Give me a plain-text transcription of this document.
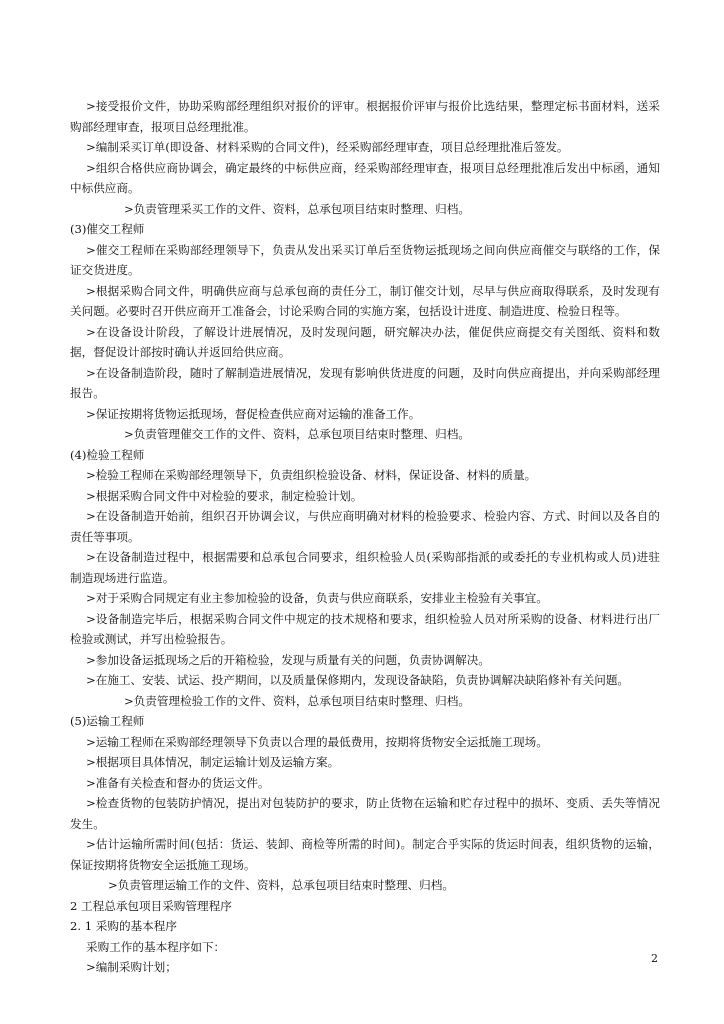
>接受报价文件，协助采购部经理组织对报价的评审。根据报价评审与报价比选结果，整理定标书面材料，送采购部经理审查，报项目总经理批准。

>编制采买订单(即设备、材料采购的合同文件)，经采购部经理审查，项目总经理批准后签发。

>组织合格供应商协调会，确定最终的中标供应商，经采购部经理审查，报项目总经理批准后发出中标函，通知中标供应商。

>负责管理采买工作的文件、资料，总承包项目结束时整理、归档。

(3)催交工程师

>催交工程师在采购部经理领导下，负责从发出采买订单后至货物运抵现场之间向供应商催交与联络的工作，保证交货进度。

>根据采购合同文件，明确供应商与总承包商的责任分工，制订催交计划，尽早与供应商取得联系，及时发现有关问题。必要时召开供应商开工准备会，讨论采购合同的实施方案，包括设计进度、制造进度、检验日程等。

>在设备设计阶段，了解设计进展情况，及时发现问题，研究解决办法，催促供应商提交有关图纸、资料和数据，督促设计部按时确认并返回给供应商。

>在设备制造阶段，随时了解制造进展情况，发现有影响供货进度的问题，及时向供应商提出，并向采购部经理报告。

>保证按期将货物运抵现场，督促检查供应商对运输的准备工作。

>负责管理催交工作的文件、资料，总承包项目结束时整理、归档。

(4)检验工程师

>检验工程师在采购部经理领导下，负责组织检验设备、材料，保证设备、材料的质量。

>根据采购合同文件中对检验的要求，制定检验计划。

>在设备制造开始前，组织召开协调会议，与供应商明确对材料的检验要求、检验内容、方式、时间以及各自的责任等事项。

>在设备制造过程中，根据需要和总承包合同要求，组织检验人员(采购部指派的或委托的专业机构或人员)进驻制造现场进行监造。

>对于采购合同规定有业主参加检验的设备，负责与供应商联系，安排业主检验有关事宜。

>设备制造完毕后，根据采购合同文件中规定的技术规格和要求，组织检验人员对所采购的设备、材料进行出厂检验或测试，并写出检验报告。

>参加设备运抵现场之后的开箱检验，发现与质量有关的问题，负责协调解决。

>在施工、安装、试运、投产期间，以及质量保修期内，发现设备缺陷，负责协调解决缺陷修补有关问题。

>负责管理检验工作的文件、资料，总承包项目结束时整理、归档。

(5)运输工程师

>运输工程师在采购部经理领导下负责以合理的最低费用，按期将货物安全运抵施工现场。

>根据项目具体情况，制定运输计划及运输方案。

>准备有关检查和督办的货运文件。

>检查货物的包装防护情况，提出对包装防护的要求，防止货物在运输和贮存过程中的损坏、变质、丢失等情况发生。

>估计运输所需时间(包括：货运、装卸、商检等所需的时间)。制定合乎实际的货运时间表，组织货物的运输，保证按期将货物安全运抵施工现场。

>负责管理运输工作的文件、资料，总承包项目结束时整理、归档。

2 工程总承包项目采购管理程序

2. 1 采购的基本程序

采购工作的基本程序如下：

>编制采购计划；

2
